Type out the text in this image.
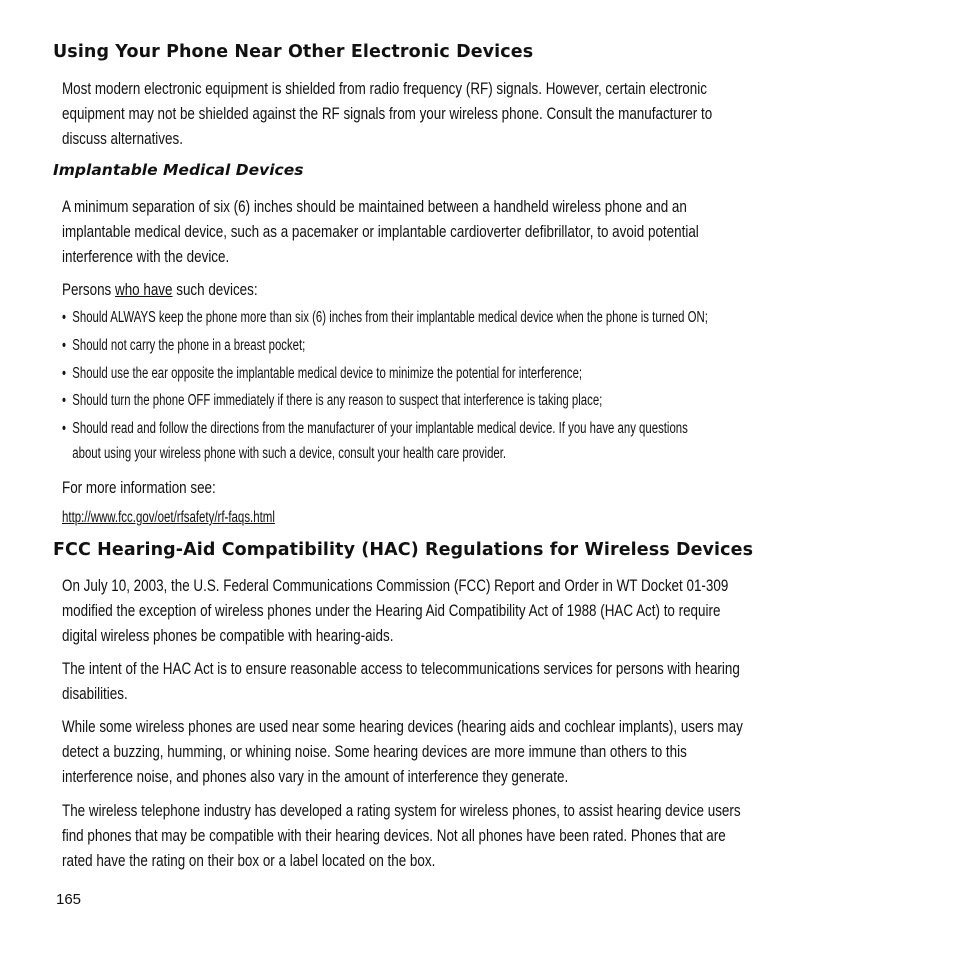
Using Your Phone Near Other Electronic Devices
Most modern electronic equipment is shielded from radio frequency (RF) signals. However, certain electronic
equipment may not be shielded against the RF signals from your wireless phone. Consult the manufacturer to
discuss alternatives.
Implantable Medical Devices
A minimum separation of six (6) inches should be maintained between a handheld wireless phone and an
implantable medical device, such as a pacemaker or implantable cardioverter defibrillator, to avoid potential
interference with the device.
Persons who have such devices:
• Should ALWAYS keep the phone more than six (6) inches from their implantable medical device when the phone is turned ON;
• Should not carry the phone in a breast pocket;
• Should use the ear opposite the implantable medical device to minimize the potential for interference;
• Should turn the phone OFF immediately if there is any reason to suspect that interference is taking place;
• Should read and follow the directions from the manufacturer of your implantable medical device. If you have any questions
about using your wireless phone with such a device, consult your health care provider.
For more information see:
http://www.fcc.gov/oet/rfsafety/rf-faqs.html
FCC Hearing-Aid Compatibility (HAC) Regulations for Wireless Devices
On July 10, 2003, the U.S. Federal Communications Commission (FCC) Report and Order in WT Docket 01-309
modified the exception of wireless phones under the Hearing Aid Compatibility Act of 1988 (HAC Act) to require
digital wireless phones be compatible with hearing-aids.
The intent of the HAC Act is to ensure reasonable access to telecommunications services for persons with hearing
disabilities.
While some wireless phones are used near some hearing devices (hearing aids and cochlear implants), users may
detect a buzzing, humming, or whining noise. Some hearing devices are more immune than others to this
interference noise, and phones also vary in the amount of interference they generate.
The wireless telephone industry has developed a rating system for wireless phones, to assist hearing device users
find phones that may be compatible with their hearing devices. Not all phones have been rated. Phones that are
rated have the rating on their box or a label located on the box.
165
